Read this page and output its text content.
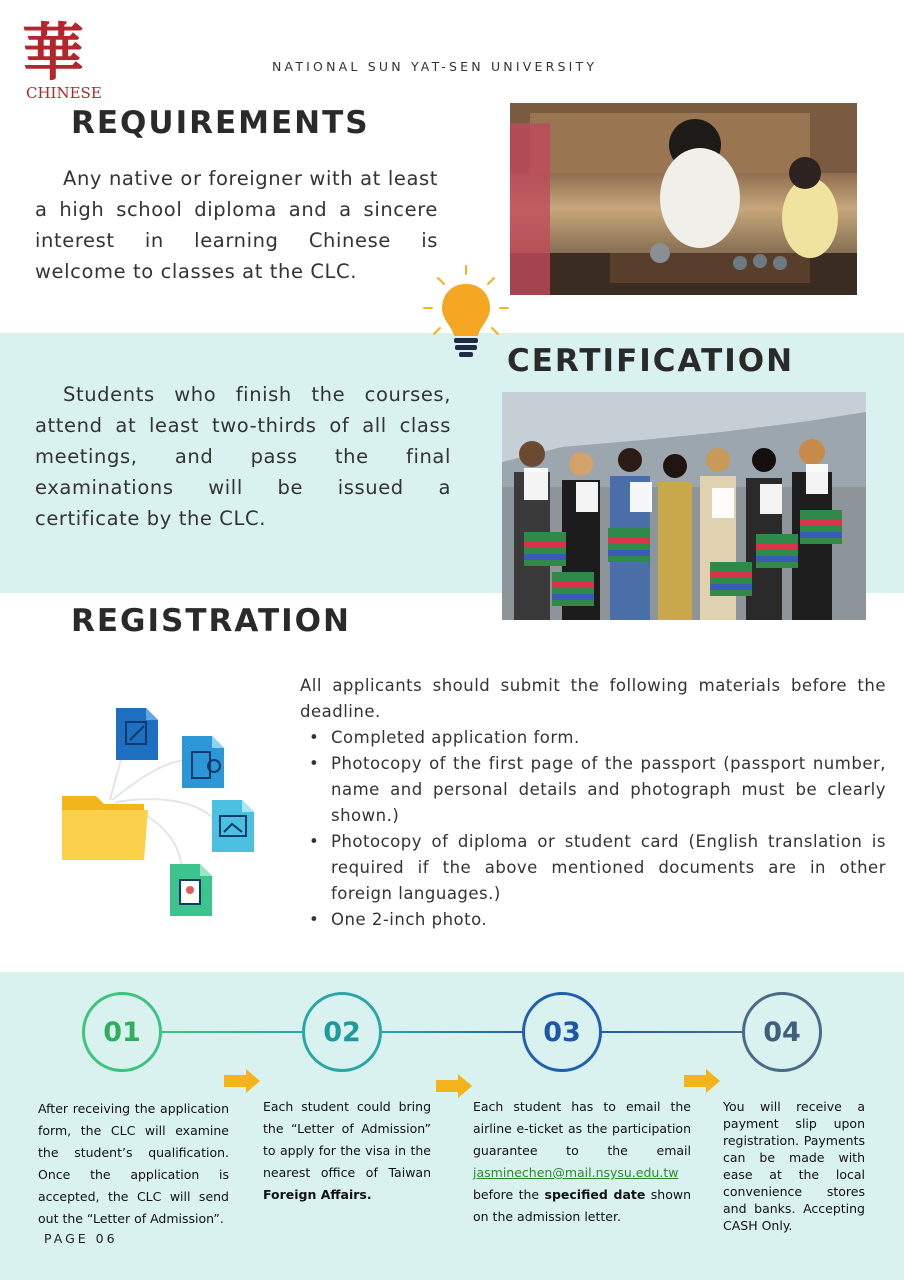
華
CHINESE
NATIONAL SUN YAT-SEN UNIVERSITY
REQUIREMENTS

Any native or foreigner with at least a high school diploma and a sincere interest in learning Chinese is welcome to classes at the CLC.

CERTIFICATION

Students who finish the courses, attend at least two-thirds of all class meetings, and pass the final examinations will be issued a certificate by the CLC.

REGISTRATION

All applicants should submit the following materials before the deadline.

• Completed application form.
• Photocopy of the first page of the passport (passport number, name and personal details and photograph must be clearly shown.)
• Photocopy of diploma or student card (English translation is required if the above mentioned documents are in other foreign languages.)
• One 2-inch photo.
01	02	03	04

After receiving the application form, the CLC will examine the student’s qualification. Once the application is accepted, the CLC will send out the “Letter of Admission”.

Each student could bring the “Letter of Admission” to apply for the visa in the nearest office of Taiwan Foreign Affairs.

Each student has to email the airline e-ticket as the participation guarantee to the email jasminechen@mail.nsysu.edu.tw before the specified date shown on the admission letter.

You will receive a payment slip upon registration. Payments can be made with ease at the local convenience stores and banks. Accepting CASH Only.

PAGE 06
